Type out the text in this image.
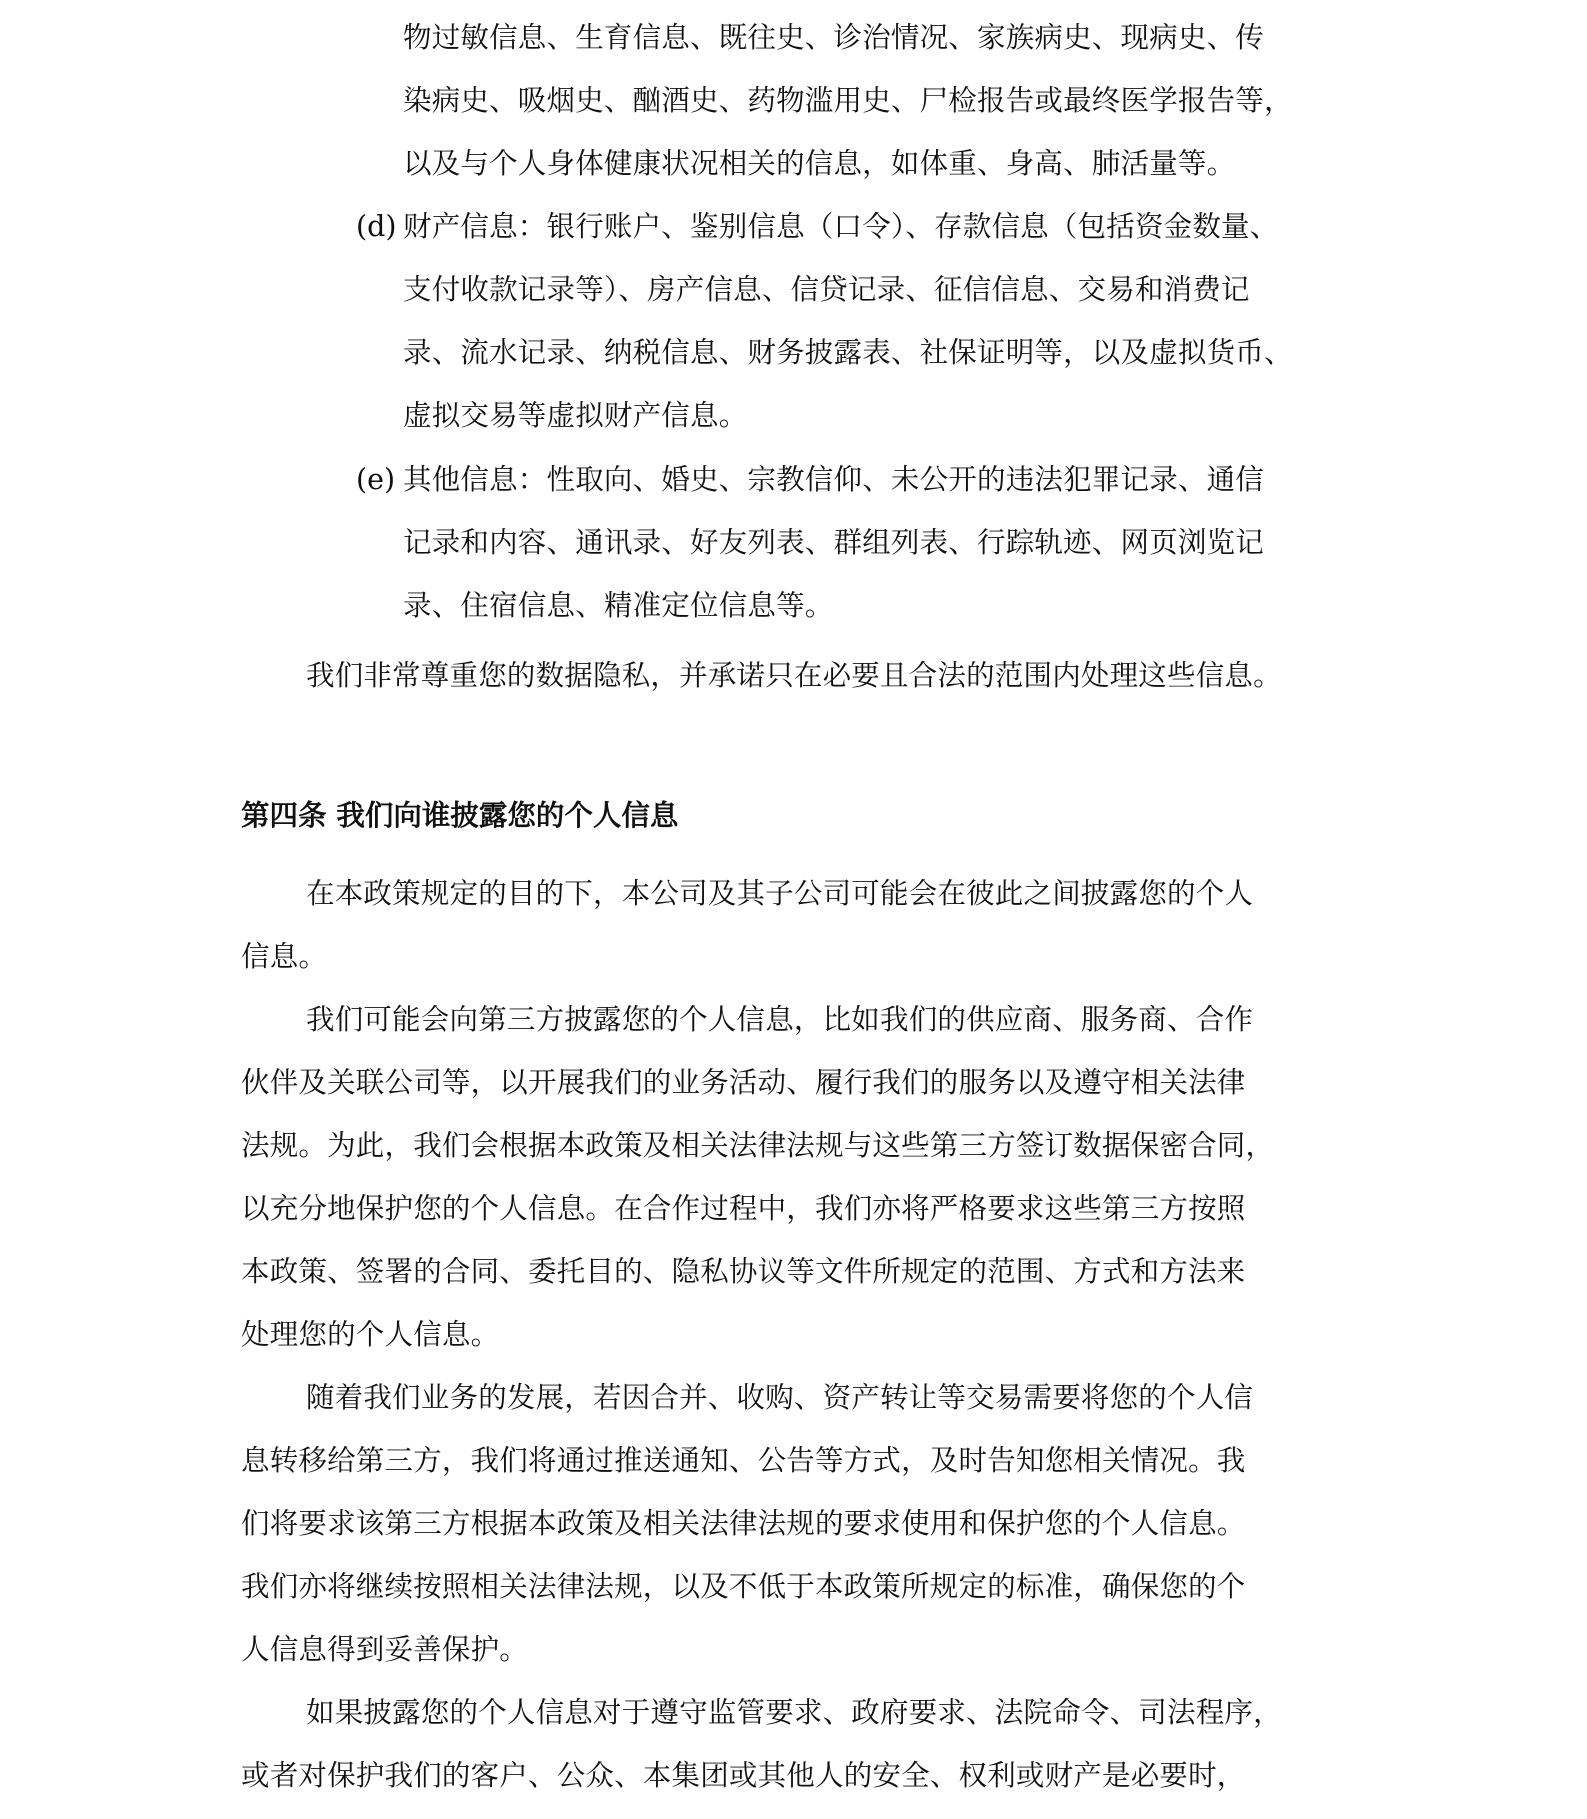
物过敏信息、生育信息、既往史、诊治情况、家族病史、现病史、传
染病史、吸烟史、酗酒史、药物滥用史、尸检报告或最终医学报告等，
以及与个人身体健康状况相关的信息，如体重、身高、肺活量等。
(d) 财产信息：银行账户、鉴别信息（口令）、存款信息（包括资金数量、
支付收款记录等）、房产信息、信贷记录、征信信息、交易和消费记
录、流水记录、纳税信息、财务披露表、社保证明等，以及虚拟货币、
虚拟交易等虚拟财产信息。
(e) 其他信息：性取向、婚史、宗教信仰、未公开的违法犯罪记录、通信
记录和内容、通讯录、好友列表、群组列表、行踪轨迹、网页浏览记
录、住宿信息、精准定位信息等。
我们非常尊重您的数据隐私，并承诺只在必要且合法的范围内处理这些信息。
第四条 我们向谁披露您的个人信息
在本政策规定的目的下，本公司及其子公司可能会在彼此之间披露您的个人
信息。
我们可能会向第三方披露您的个人信息，比如我们的供应商、服务商、合作
伙伴及关联公司等，以开展我们的业务活动、履行我们的服务以及遵守相关法律
法规。为此，我们会根据本政策及相关法律法规与这些第三方签订数据保密合同，
以充分地保护您的个人信息。在合作过程中，我们亦将严格要求这些第三方按照
本政策、签署的合同、委托目的、隐私协议等文件所规定的范围、方式和方法来
处理您的个人信息。
随着我们业务的发展，若因合并、收购、资产转让等交易需要将您的个人信
息转移给第三方，我们将通过推送通知、公告等方式，及时告知您相关情况。我
们将要求该第三方根据本政策及相关法律法规的要求使用和保护您的个人信息。
我们亦将继续按照相关法律法规，以及不低于本政策所规定的标准，确保您的个
人信息得到妥善保护。
如果披露您的个人信息对于遵守监管要求、政府要求、法院命令、司法程序，
或者对保护我们的客户、公众、本集团或其他人的安全、权利或财产是必要时，
